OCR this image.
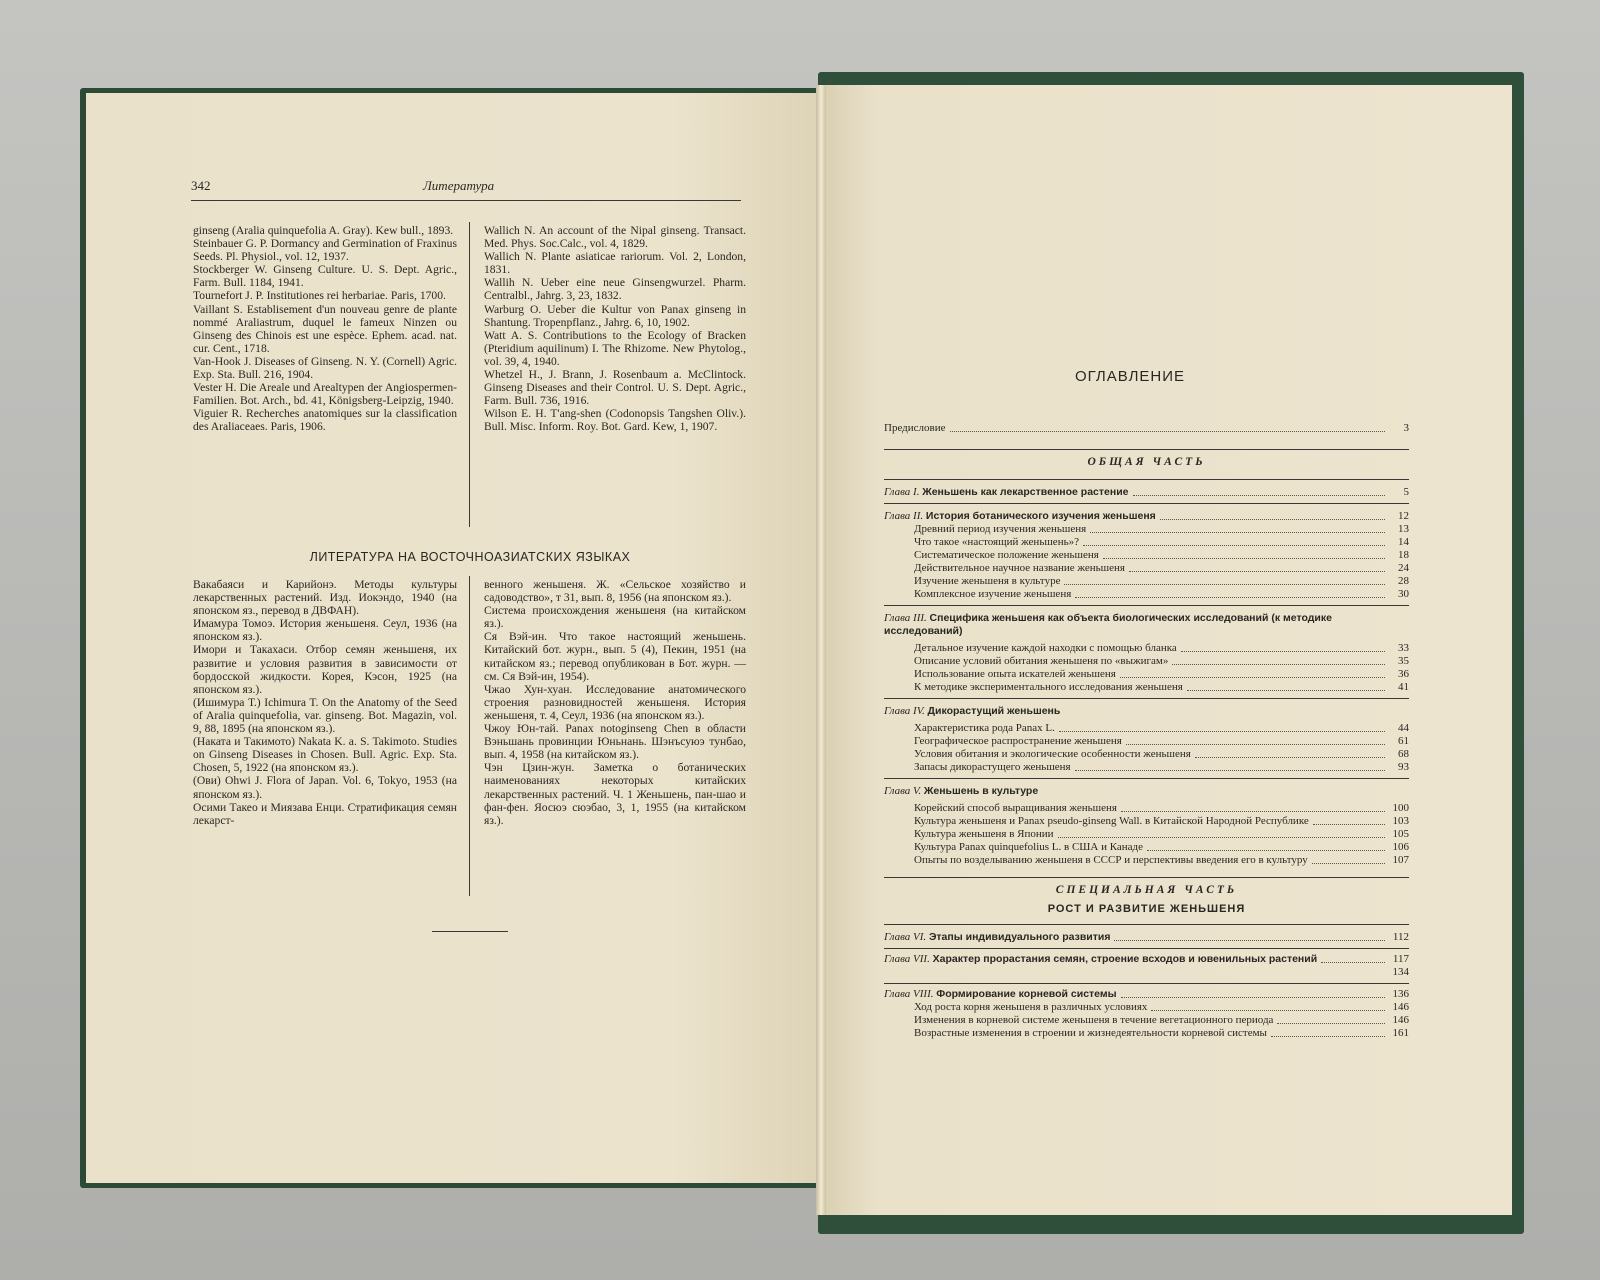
342	Литература

ginseng (Aralia quinquefolia A. Gray). Kew bull., 1893.

Steinbauer G. P. Dormancy and Germination of Fraxinus Seeds. Pl. Physiol., vol. 12, 1937.

Stockberger W. Ginseng Culture. U. S. Dept. Agric., Farm. Bull. 1184, 1941.

Tournefort J. P. Institutiones rei herbariae. Paris, 1700.

Vaillant S. Establisement d'un nouveau genre de plante nommé Araliastrum, duquel le fameux Ninzen ou Ginseng des Chinois est une espèce. Ephem. acad. nat. cur. Cent., 1718.

Van-Hook J. Diseases of Ginseng. N. Y. (Cornell) Agric. Exp. Sta. Bull. 216, 1904.

Vester H. Die Areale und Arealtypen der Angiospermen-Familien. Bot. Arch., bd. 41, Königsberg-Leipzig, 1940.

Viguier R. Recherches anatomiques sur la classification des Araliaceaes. Paris, 1906.

Wallich N. An account of the Nipal ginseng. Transact. Med. Phys. Soc.Calc., vol. 4, 1829.

Wallich N. Plante asiaticae rariorum. Vol. 2, London, 1831.

Wallih N. Ueber eine neue Ginsengwurzel. Pharm. Centralbl., Jahrg. 3, 23, 1832.

Warburg O. Ueber die Kultur von Panax ginseng in Shantung. Tropenpflanz., Jahrg. 6, 10, 1902.

Watt A. S. Contributions to the Ecology of Bracken (Pteridium aquilinum) I. The Rhizome. New Phytolog., vol. 39, 4, 1940.

Whetzel H., J. Brann, J. Rosenbaum a. McClintock. Ginseng Diseases and their Control. U. S. Dept. Agric., Farm. Bull. 736, 1916.

Wilson E. H. T'ang-shen (Codonopsis Tangshen Oliv.). Bull. Misc. Inform. Roy. Bot. Gard. Kew, 1, 1907.

ЛИТЕРАТУРА НА ВОСТОЧНОАЗИАТСКИХ ЯЗЫКАХ

Вакабаяси и Карийонэ. Методы культуры лекарственных растений. Изд. Иокэндо, 1940 (на японском яз., перевод в ДВФАН).

Имамура Томоэ. История женьшеня. Сеул, 1936 (на японском яз.).

Имори и Такахаси. Отбор семян женьшеня, их развитие и условия развития в зависимости от бордосской жидкости. Корея, Кэсон, 1925 (на японском яз.).

(Ишимура Т.) Ichimura T. On the Anatomy of the Seed of Aralia quinquefolia, var. ginseng. Bot. Magazin, vol. 9, 88, 1895 (на японском яз.).

(Наката и Такимото) Nakata K. a. S. Takimoto. Studies on Ginseng Diseases in Chosen. Bull. Agric. Exp. Sta. Chosen, 5, 1922 (на японском яз.).

(Ови) Ohwi J. Flora of Japan. Vol. 6, Tokyo, 1953 (на японском яз.).

Осими Такео и Миязава Енци. Стратификация семян лекарст-

венного женьшеня. Ж. «Сельское хозяйство и садоводство», т 31, вып. 8, 1956 (на японском яз.).

Система происхождения женьшеня (на китайском яз.).

Ся Вэй-ин. Что такое настоящий женьшень. Китайский бот. журн., вып. 5 (4), Пекин, 1951 (на китайском яз.; перевод опубликован в Бот. журн. — см. Ся Вэй-ин, 1954).

Чжао Хун-хуан. Исследование анатомического строения разновидностей женьшеня. История женьшеня, т. 4, Сеул, 1936 (на японском яз.).

Чжоу Юн-тай. Panax notoginseng Chen в области Вэньшань провинции Юньнань. Шэнъсуюэ тунбао, вып. 4, 1958 (на китайском яз.).

Чэн Цзин-жун. Заметка о ботанических наименованиях некоторых китайских лекарственных растений. Ч. 1 Женьшень, пан-шао и фан-фен. Яосюэ сюэбао, 3, 1, 1955 (на китайском яз.).

ОГЛАВЛЕНИЕ
Предисловие	3
ОБЩАЯ ЧАСТЬ
Глава I. Женьшень как лекарственное растение	5
Глава II. История ботанического изучения женьшеня	12
Древний период изучения женьшеня	13
Что такое «настоящий женьшень»?	14
Систематическое положение женьшеня	18
Действительное научное название женьшеня	24
Изучение женьшеня в культуре	28
Комплексное изучение женьшеня	30
Глава III. Специфика женьшеня как объекта биологических исследований (к методике исследований)
Детальное изучение каждой находки с помощью бланка	33
Описание условий обитания женьшеня по «выжигам»	35
Использование опыта искателей женьшеня	36
К методике экспериментального исследования женьшеня	41
Глава IV. Дикорастущий женьшень
Характеристика рода Panax L.	44
Географическое распространение женьшеня	61
Условия обитания и экологические особенности женьшеня	68
Запасы дикорастущего женьшеня	93
Глава V. Женьшень в культуре
Корейский способ выращивания женьшеня	100
Культура женьшеня и Panax pseudo-ginseng Wall. в Китайской Народной Республике	103
Культура женьшеня в Японии	105
Культура Panax quinquefolius L. в США и Канаде	106
Опыты по возделыванию женьшеня в СССР и перспективы введения его в культуру	107
СПЕЦИАЛЬНАЯ ЧАСТЬ
РОСТ И РАЗВИТИЕ ЖЕНЬШЕНЯ
Глава VI. Этапы индивидуального развития	112
Глава VII. Характер прорастания семян, строение всходов и ювенильных растений	117
134
Глава VIII. Формирование корневой системы	136
Ход роста корня женьшеня в различных условиях	146
Изменения в корневой системе женьшеня в течение вегетационного периода	146
Возрастные изменения в строении и жизнедеятельности корневой системы	161
